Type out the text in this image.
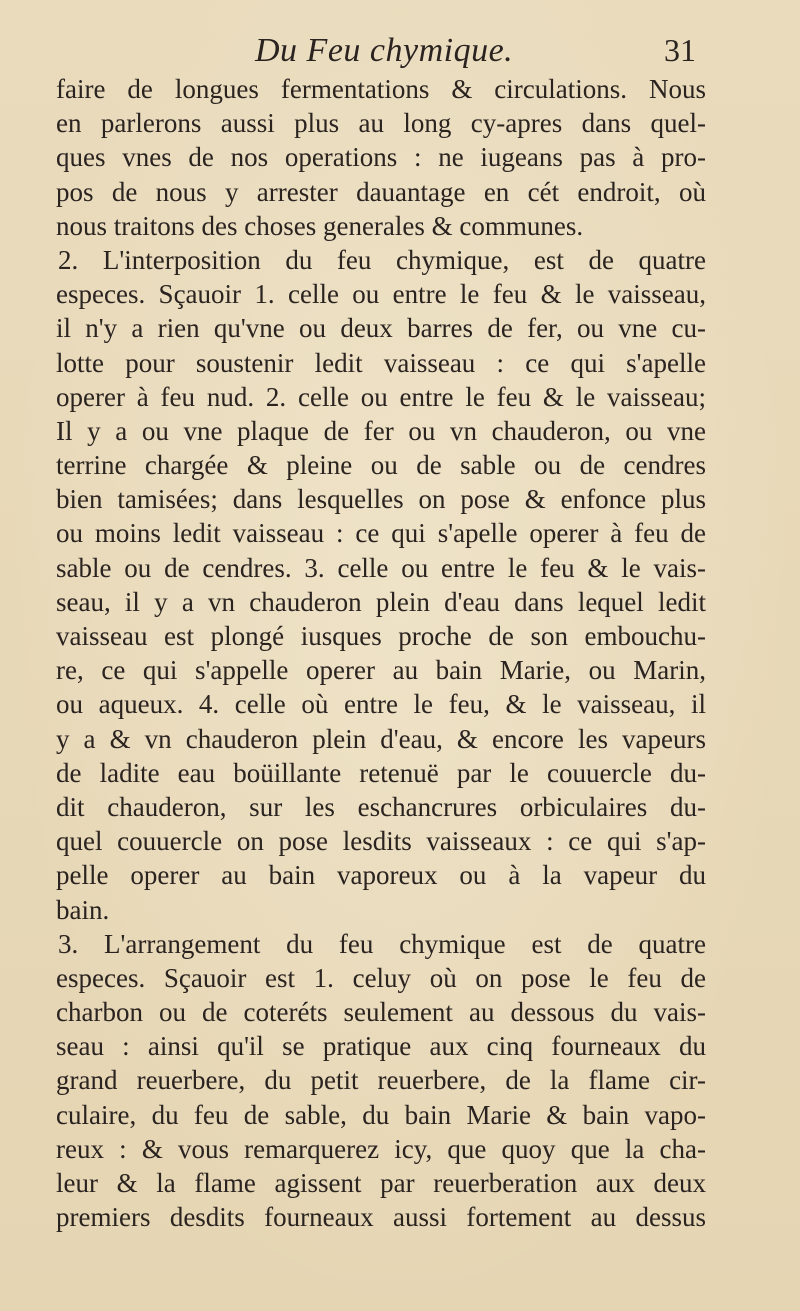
Du Feu chymique.	31
faire de longues fermentations & circulations. Nous
en parlerons aussi plus au long cy-apres dans quel-
ques vnes de nos operations : ne iugeans pas à pro-
pos de nous y arrester dauantage en cét endroit, où
nous traitons des choses generales & communes.
2. L'interposition du feu chymique, est de quatre
especes. Sçauoir 1. celle ou entre le feu & le vaisseau,
il n'y a rien qu'vne ou deux barres de fer, ou vne cu-
lotte pour soustenir ledit vaisseau : ce qui s'apelle
operer à feu nud. 2. celle ou entre le feu & le vaisseau;
Il y a ou vne plaque de fer ou vn chauderon, ou vne
terrine chargée & pleine ou de sable ou de cendres
bien tamisées; dans lesquelles on pose & enfonce plus
ou moins ledit vaisseau : ce qui s'apelle operer à feu de
sable ou de cendres. 3. celle ou entre le feu & le vais-
seau, il y a vn chauderon plein d'eau dans lequel ledit
vaisseau est plongé iusques proche de son embouchu-
re, ce qui s'appelle operer au bain Marie, ou Marin,
ou aqueux. 4. celle où entre le feu, & le vaisseau, il
y a & vn chauderon plein d'eau, & encore les vapeurs
de ladite eau boüillante retenuë par le couuercle du-
dit chauderon, sur les eschancrures orbiculaires du-
quel couuercle on pose lesdits vaisseaux : ce qui s'ap-
pelle operer au bain vaporeux ou à la vapeur du
bain.
3. L'arrangement du feu chymique est de quatre
especes. Sçauoir est 1. celuy où on pose le feu de
charbon ou de coteréts seulement au dessous du vais-
seau : ainsi qu'il se pratique aux cinq fourneaux du
grand reuerbere, du petit reuerbere, de la flame cir-
culaire, du feu de sable, du bain Marie & bain vapo-
reux : & vous remarquerez icy, que quoy que la cha-
leur & la flame agissent par reuerberation aux deux
premiers desdits fourneaux aussi fortement au dessus
